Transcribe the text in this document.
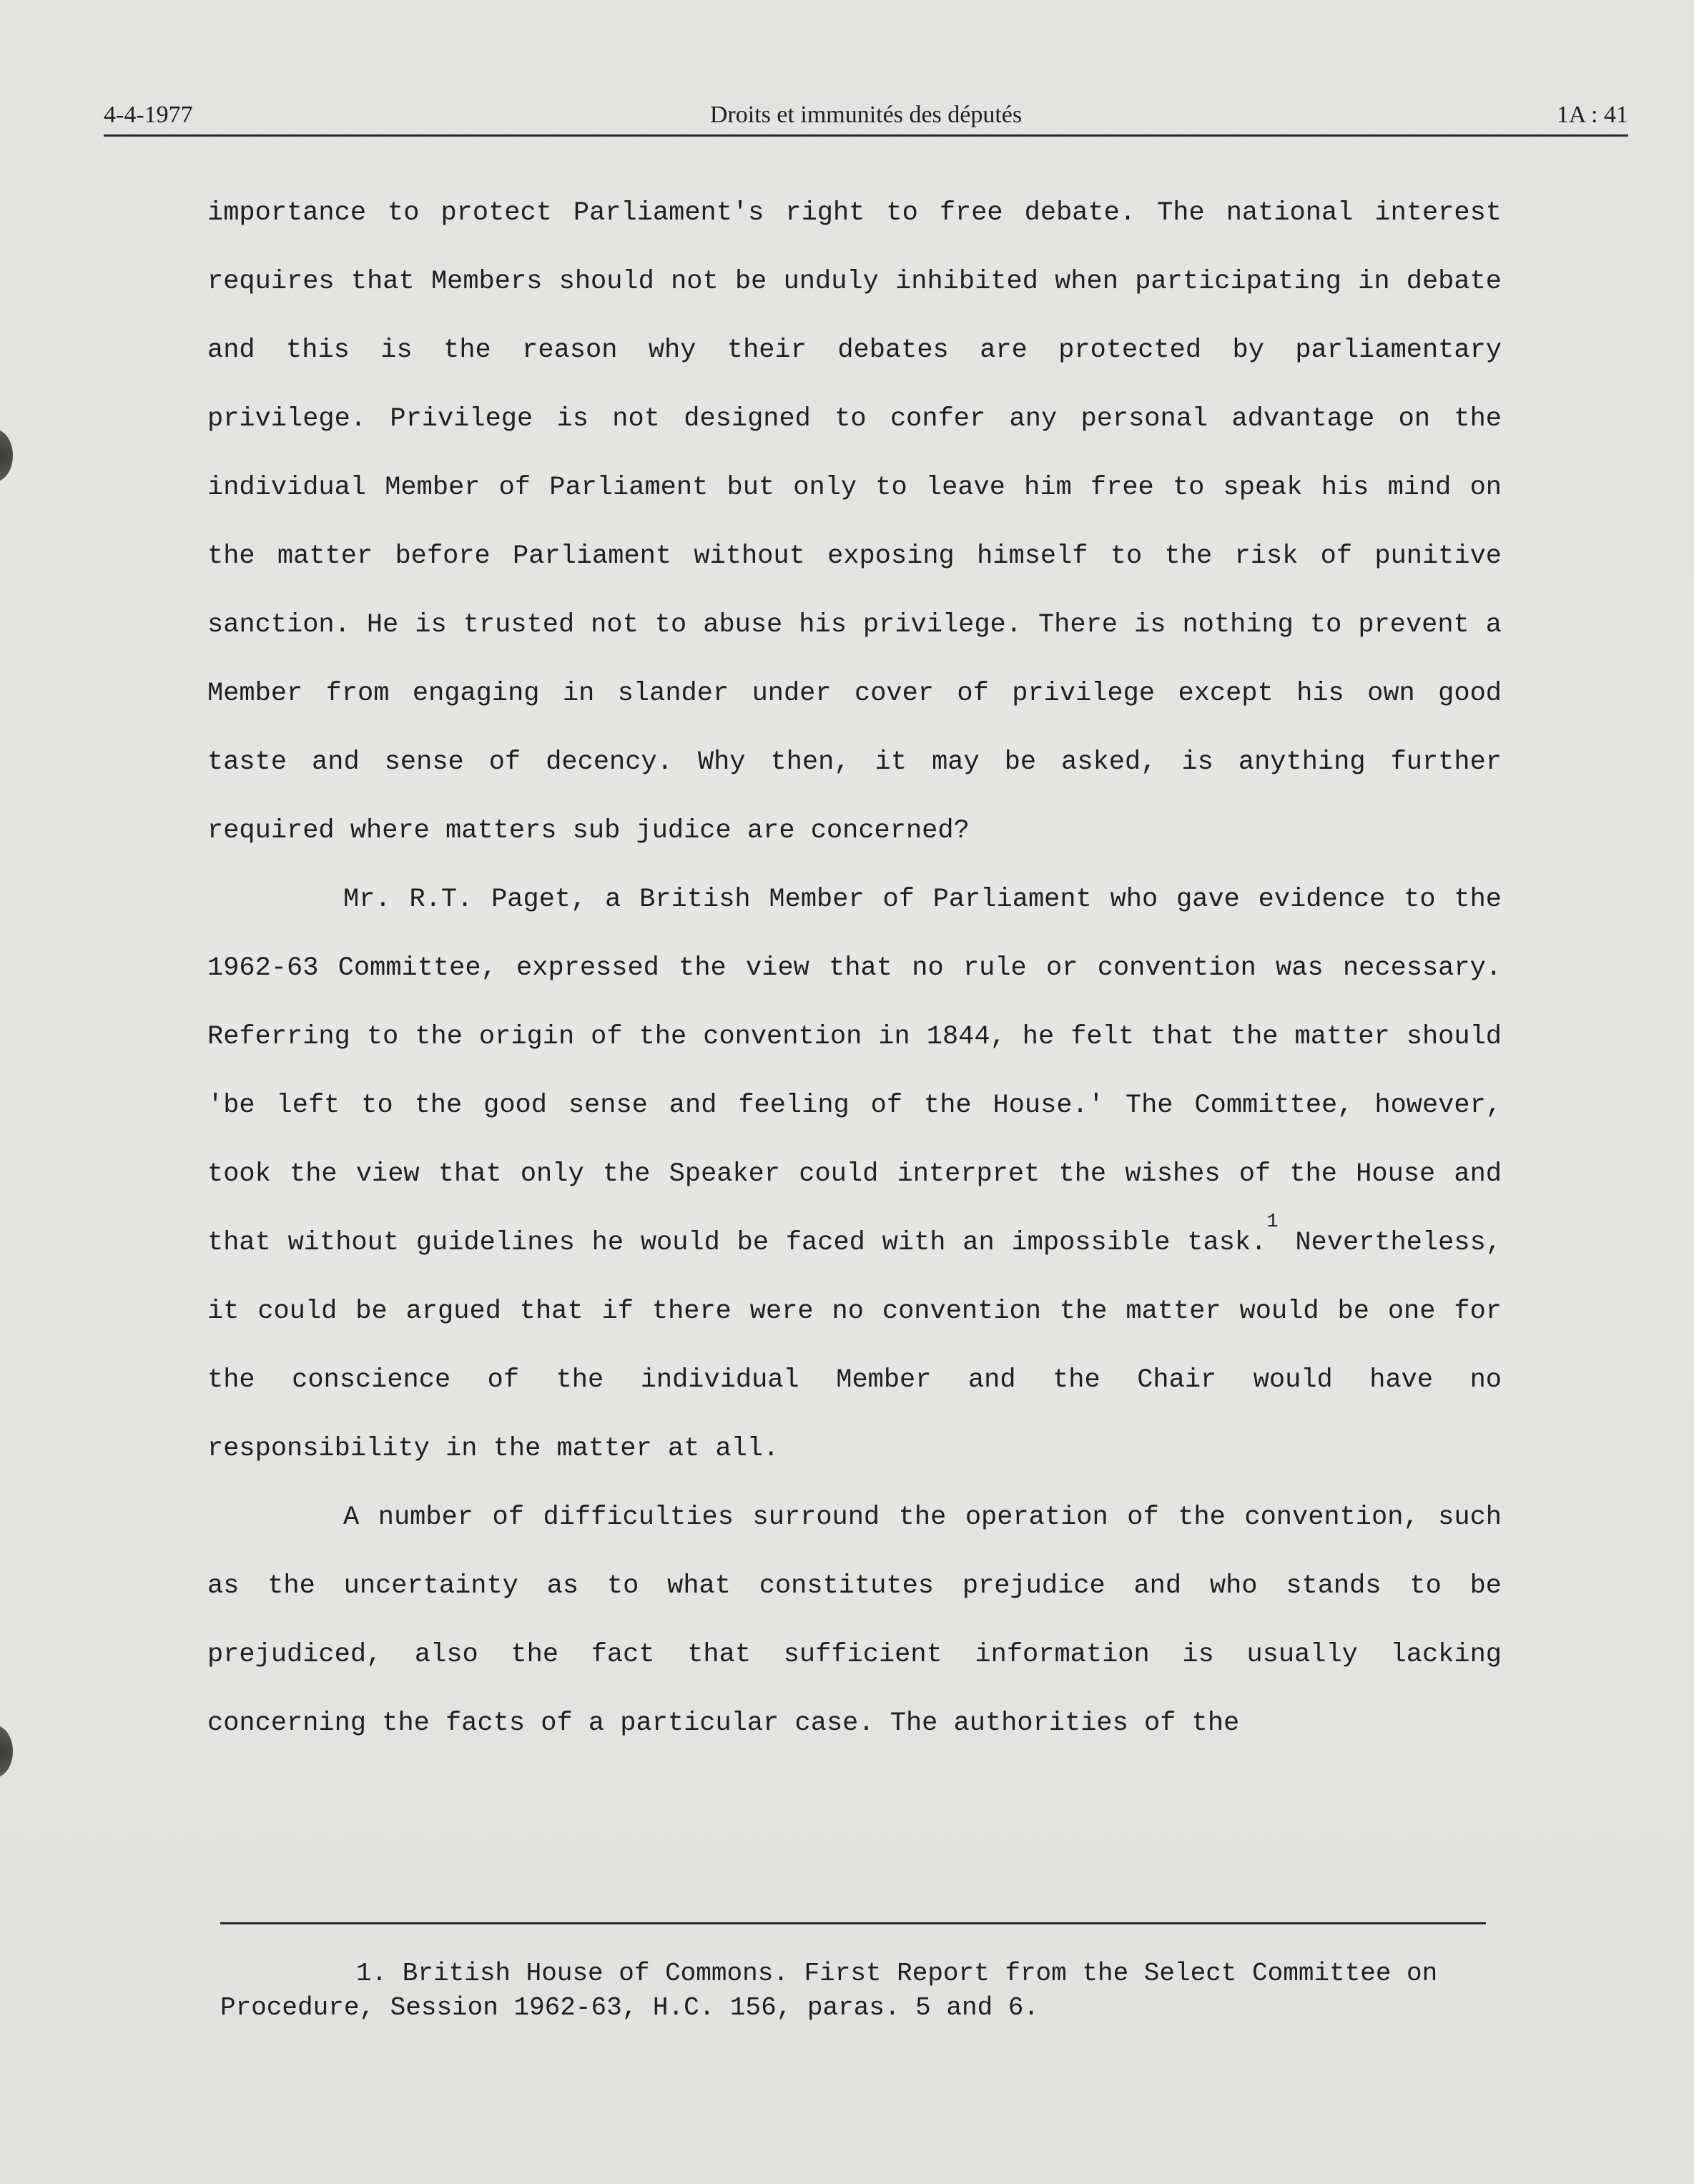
4-4-1977	Droits et immunités des députés	1A : 41

importance to protect Parliament's right to free debate. The national interest requires that Members should not be unduly inhibited when participating in debate and this is the reason why their debates are protected by parliamentary privilege. Privilege is not designed to confer any personal advantage on the individual Member of Parliament but only to leave him free to speak his mind on the matter before Parliament without exposing himself to the risk of punitive sanction. He is trusted not to abuse his privilege. There is nothing to prevent a Member from engaging in slander under cover of privilege except his own good taste and sense of decency. Why then, it may be asked, is anything further required where matters sub judice are concerned?

Mr. R.T. Paget, a British Member of Parliament who gave evidence to the 1962-63 Committee, expressed the view that no rule or convention was necessary. Referring to the origin of the convention in 1844, he felt that the matter should 'be left to the good sense and feeling of the House.' The Committee, however, took the view that only the Speaker could interpret the wishes of the House and that without guidelines he would be faced with an impossible task.$^1$ Nevertheless, it could be argued that if there were no convention the matter would be one for the conscience of the individual Member and the Chair would have no responsibility in the matter at all.

A number of difficulties surround the operation of the convention, such as the uncertainty as to what constitutes prejudice and who stands to be prejudiced, also the fact that sufficient information is usually lacking concerning the facts of a particular case. The authorities of the

1. British House of Commons. First Report from the Select Committee on Procedure, Session 1962-63, H.C. 156, paras. 5 and 6.
